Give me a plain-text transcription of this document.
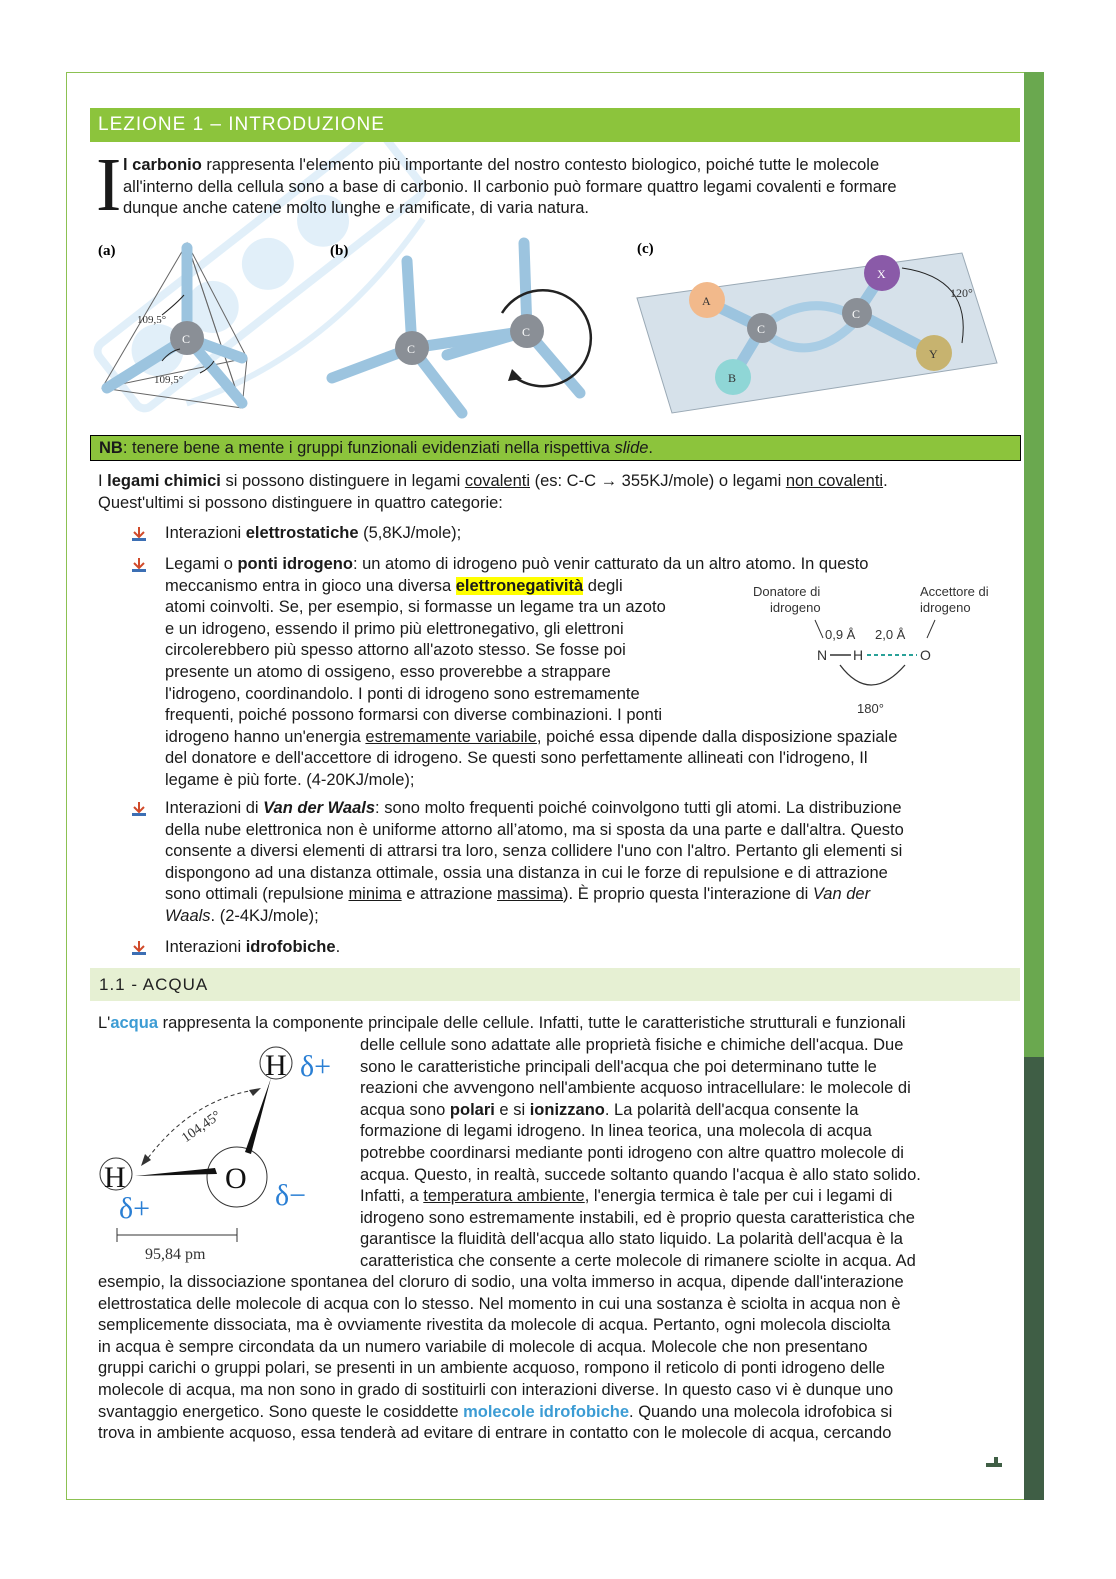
LEZIONE 1 – INTRODUZIONE
I l carbonio rappresenta l'elemento più importante del nostro contesto biologico, poiché tutte le molecole
all'interno della cellula sono a base di carbonio. Il carbonio può formare quattro legami covalenti e formare
dunque anche catene molto lunghe e ramificate, di varia natura.
(a)	(b)	(c)
C
109,5°
109,5°
C
C	C
C
A
B
X
Y
120°
NB: tenere bene a mente i gruppi funzionali evidenziati nella rispettiva slide.
I legami chimici si possono distinguere in legami covalenti (es: C-C → 355KJ/mole) o legami non covalenti.
Quest'ultimi si possono distinguere in quattro categorie:
Interazioni elettrostatiche (5,8KJ/mole);
Legami o ponti idrogeno: un atomo di idrogeno può venir catturato da un altro atomo. In questo
meccanismo entra in gioco una diversa elettronegatività degli
atomi coinvolti. Se, per esempio, si formasse un legame tra un azoto
e un idrogeno, essendo il primo più elettronegativo, gli elettroni
circolerebbero più spesso attorno all'azoto stesso. Se fosse poi
presente un atomo di ossigeno, esso proverebbe a strappare
l'idrogeno, coordinandolo. I ponti di idrogeno sono estremamente
frequenti, poiché possono formarsi con diverse combinazioni. I ponti
idrogeno hanno un'energia estremamente variabile, poiché essa dipende dalla disposizione spaziale
del donatore e dell'accettore di idrogeno. Se questi sono perfettamente allineati con l'idrogeno, Il
legame è più forte. (4-20KJ/mole);
Donatore di
idrogeno
Accettore di
idrogeno
0,9 Å 2,0 Å
N H	O
180°
Interazioni di Van der Waals: sono molto frequenti poiché coinvolgono tutti gli atomi. La distribuzione
della nube elettronica non è uniforme attorno all’atomo, ma si sposta da una parte e dall'altra. Questo
consente a diversi elementi di attrarsi tra loro, senza collidere l'uno con l'altro. Pertanto gli elementi si
dispongono ad una distanza ottimale, ossia una distanza in cui le forze di repulsione e di attrazione
sono ottimali (repulsione minima e attrazione massima). È proprio questa l'interazione di Van der
Waals. (2-4KJ/mole);
Interazioni idrofobiche.
1.1 - ACQUA
L'acqua rappresenta la componente principale delle cellule. Infatti, tutte le caratteristiche strutturali e funzionali
delle cellule sono adattate alle proprietà fisiche e chimiche dell'acqua. Due
sono le caratteristiche principali dell'acqua che poi determinano tutte le
reazioni che avvengono nell'ambiente acquoso intracellulare: le molecole di
acqua sono polari e si ionizzano. La polarità dell'acqua consente la
formazione di legami idrogeno. In linea teorica, una molecola di acqua
potrebbe coordinarsi mediante ponti idrogeno con altre quattro molecole di
acqua. Questo, in realtà, succede soltanto quando l'acqua è allo stato solido.
Infatti, a temperatura ambiente, l'energia termica è tale per cui i legami di
idrogeno sono estremamente instabili, ed è proprio questa caratteristica che
garantisce la fluidità dell'acqua allo stato liquido. La polarità dell'acqua è la
caratteristica che consente a certe molecole di rimanere sciolte in acqua. Ad
H
H	O
δ+
δ+	δ−
104,45°
95,84 pm
esempio, la dissociazione spontanea del cloruro di sodio, una volta immerso in acqua, dipende dall'interazione
elettrostatica delle molecole di acqua con lo stesso. Nel momento in cui una sostanza è sciolta in acqua non è
semplicemente dissociata, ma è ovviamente rivestita da molecole di acqua. Pertanto, ogni molecola disciolta
in acqua è sempre circondata da un numero variabile di molecole di acqua. Molecole che non presentano
gruppi carichi o gruppi polari, se presenti in un ambiente acquoso, rompono il reticolo di ponti idrogeno delle
molecole di acqua, ma non sono in grado di sostituirli con interazioni diverse. In questo caso vi è dunque uno
svantaggio energetico. Sono queste le cosiddette molecole idrofobiche. Quando una molecola idrofobica si
trova in ambiente acquoso, essa tenderà ad evitare di entrare in contatto con le molecole di acqua, cercando
